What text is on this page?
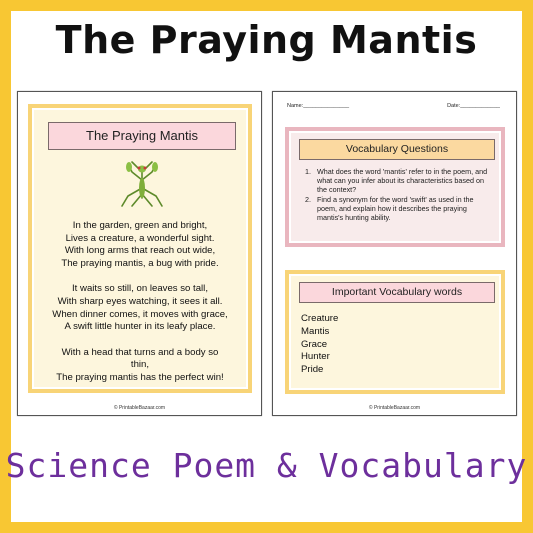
The Praying Mantis
The Praying Mantis
In the garden, green and bright,
Lives a creature, a wonderful sight.
With long arms that reach out wide,
The praying mantis, a bug with pride.
It waits so still, on leaves so tall,
With sharp eyes watching, it sees it all.
When dinner comes, it moves with grace,
A swift little hunter in its leafy place.
With a head that turns and a body so
thin,
The praying mantis has the perfect win!
© PrintableBazaar.com
Name:_______________	Date:_____________
Vocabulary Questions
1. What does the word 'mantis' refer to in the poem, and what can you infer about its characteristics based on the context?
2. Find a synonym for the word 'swift' as used in the poem, and explain how it describes the praying mantis's hunting ability.
Important Vocabulary words
Creature
Mantis
Grace
Hunter
Pride
© PrintableBazaar.com
Science Poem & Vocabulary
